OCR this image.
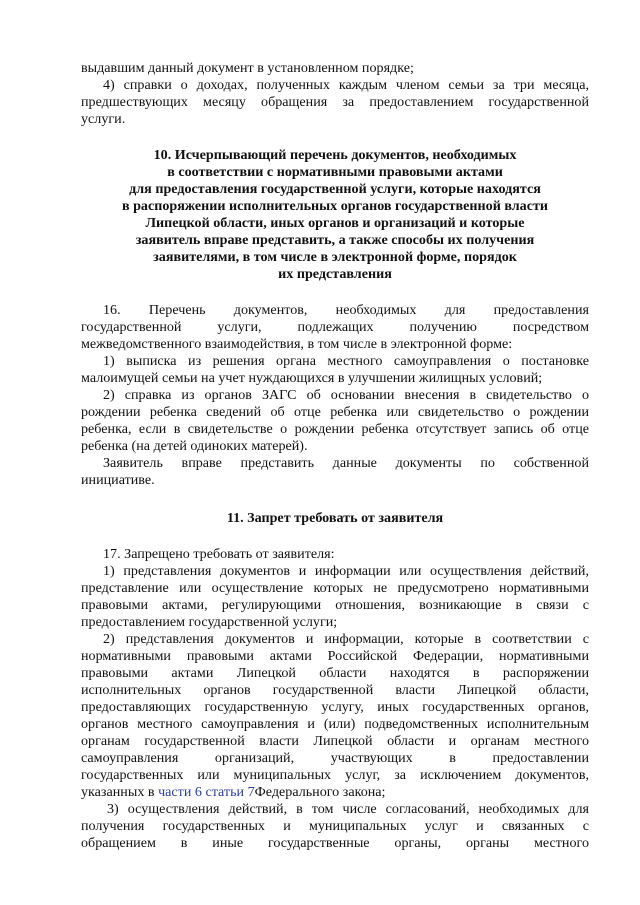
выдавшим данный документ в установленном порядке;
4) справки о доходах, полученных каждым членом семьи за три месяца,
предшествующих месяцу обращения за предоставлением государственной
услуги.
10. Исчерпывающий перечень документов, необходимых
в соответствии с нормативными правовыми актами
для предоставления государственной услуги, которые находятся
в распоряжении исполнительных органов государственной власти
Липецкой области, иных органов и организаций и которые
заявитель вправе представить, а также способы их получения
заявителями, в том числе в электронной форме, порядок
их представления
16. Перечень документов, необходимых для предоставления
государственной услуги, подлежащих получению посредством
межведомственного взаимодействия, в том числе в электронной форме:
1) выписка из решения органа местного самоуправления о постановке
малоимущей семьи на учет нуждающихся в улучшении жилищных условий;
2) справка из органов ЗАГС об основании внесения в свидетельство о
рождении ребенка сведений об отце ребенка или свидетельство о рождении
ребенка, если в свидетельстве о рождении ребенка отсутствует запись об отце
ребенка (на детей одиноких матерей).
Заявитель вправе представить данные документы по собственной
инициативе.
11. Запрет требовать от заявителя
17. Запрещено требовать от заявителя:
1) представления документов и информации или осуществления действий,
представление или осуществление которых не предусмотрено нормативными
правовыми актами, регулирующими отношения, возникающие в связи с
предоставлением государственной услуги;
2) представления документов и информации, которые в соответствии с
нормативными правовыми актами Российской Федерации, нормативными
правовыми актами Липецкой области находятся в распоряжении
исполнительных органов государственной власти Липецкой области,
предоставляющих государственную услугу, иных государственных органов,
органов местного самоуправления и (или) подведомственных исполнительным
органам государственной власти Липецкой области и органам местного
самоуправления организаций, участвующих в предоставлении
государственных или муниципальных услуг, за исключением документов,
указанных в части 6 статьи 7Федерального закона;
3) осуществления действий, в том числе согласований, необходимых для
получения государственных и муниципальных услуг и связанных с
обращением в иные государственные органы, органы местного
